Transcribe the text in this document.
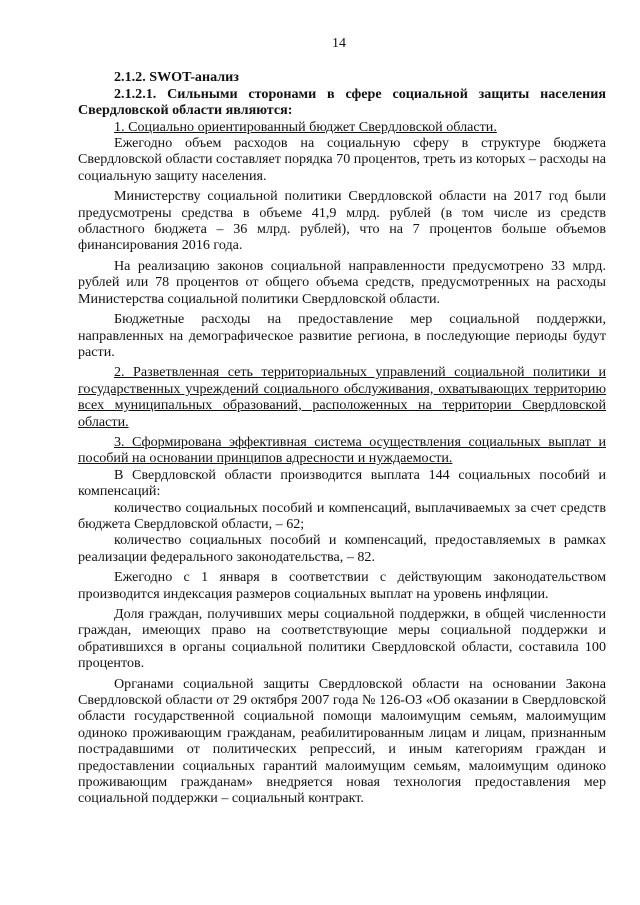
14

2.1.2. SWOT-анализ

2.1.2.1. Сильными сторонами в сфере социальной защиты населения Свердловской области являются:

1. Социально ориентированный бюджет Свердловской области.

Ежегодно объем расходов на социальную сферу в структуре бюджета Свердловской области составляет порядка 70 процентов, треть из которых – расходы на социальную защиту населения.

Министерству социальной политики Свердловской области на 2017 год были предусмотрены средства в объеме 41,9 млрд. рублей (в том числе из средств областного бюджета – 36 млрд. рублей), что на 7 процентов больше объемов финансирования 2016 года.

На реализацию законов социальной направленности предусмотрено 33 млрд. рублей или 78 процентов от общего объема средств, предусмотренных на расходы Министерства социальной политики Свердловской области.

Бюджетные расходы на предоставление мер социальной поддержки, направленных на демографическое развитие региона, в последующие периоды будут расти.

2. Разветвленная сеть территориальных управлений социальной политики и государственных учреждений социального обслуживания, охватывающих территорию всех муниципальных образований, расположенных на территории Свердловской области.

3. Сформирована эффективная система осуществления социальных выплат и пособий на основании принципов адресности и нуждаемости.

В Свердловской области производится выплата 144 социальных пособий и компенсаций:

количество социальных пособий и компенсаций, выплачиваемых за счет средств бюджета Свердловской области, – 62;

количество социальных пособий и компенсаций, предоставляемых в рамках реализации федерального законодательства, – 82.

Ежегодно с 1 января в соответствии с действующим законодательством производится индексация размеров социальных выплат на уровень инфляции.

Доля граждан, получивших меры социальной поддержки, в общей численности граждан, имеющих право на соответствующие меры социальной поддержки и обратившихся в органы социальной политики Свердловской области, составила 100 процентов.

Органами социальной защиты Свердловской области на основании Закона Свердловской области от 29 октября 2007 года № 126-ОЗ «Об оказании в Свердловской области государственной социальной помощи малоимущим семьям, малоимущим одиноко проживающим гражданам, реабилитированным лицам и лицам, признанным пострадавшими от политических репрессий, и иным категориям граждан и предоставлении социальных гарантий малоимущим семьям, малоимущим одиноко проживающим гражданам» внедряется новая технология предоставления мер социальной поддержки – социальный контракт.
